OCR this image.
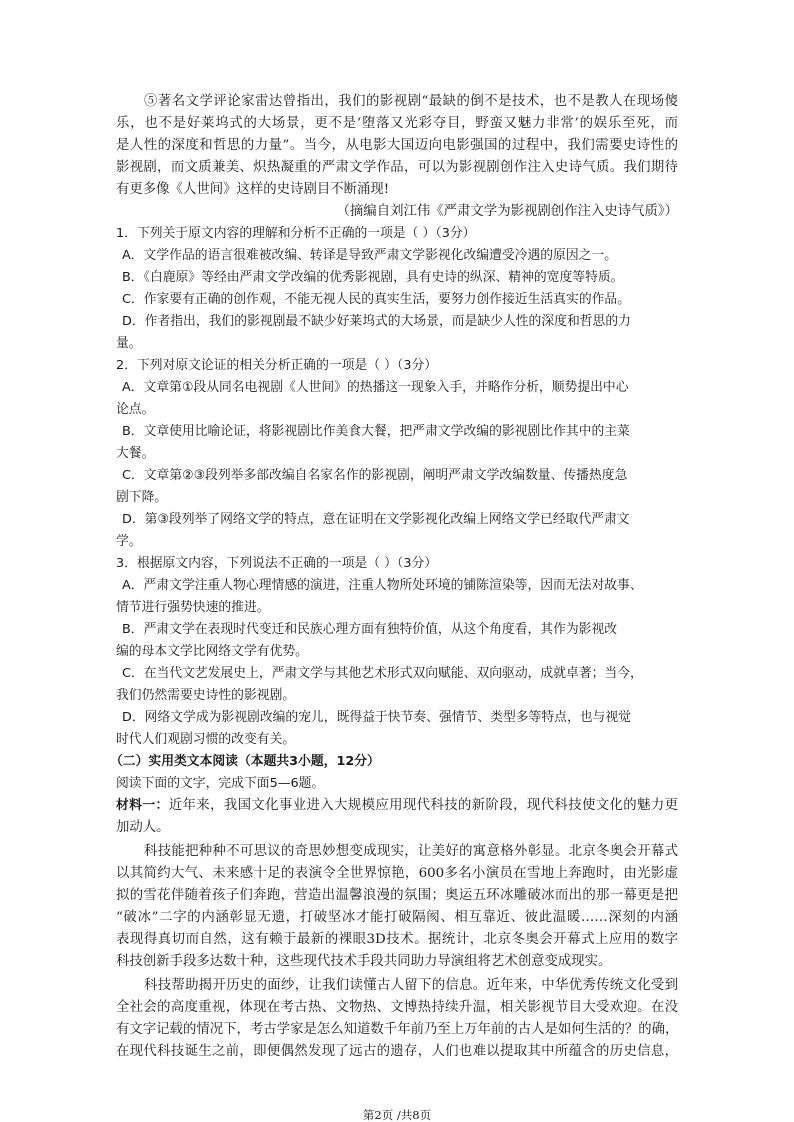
⑤著名文学评论家雷达曾指出，我们的影视剧“最缺的倒不是技术，也不是教人在现场傻
乐，也不是好莱坞式的大场景，更不是‘堕落又光彩夺目，野蛮又魅力非常’的娱乐至死，而
是人性的深度和哲思的力量”。当今，从电影大国迈向电影强国的过程中，我们需要史诗性的
影视剧，而文质兼美、炽热凝重的严肃文学作品，可以为影视剧创作注入史诗气质。我们期待
有更多像《人世间》这样的史诗剧目不断涌现!
（摘编自刘江伟《严肃文学为影视剧创作注入史诗气质》）
1．下列关于原文内容的理解和分析不正确的一项是（ ）（3分）
A．文学作品的语言很难被改编、转译是导致严肃文学影视化改编遭受冷遇的原因之一。
B．《白鹿原》等经由严肃文学改编的优秀影视剧，具有史诗的纵深、精神的宽度等特质。
C．作家要有正确的创作观，不能无视人民的真实生活，要努力创作接近生活真实的作品。
D．作者指出，我们的影视剧最不缺少好莱坞式的大场景，而是缺少人性的深度和哲思的力
量。
2．下列对原文论证的相关分析正确的一项是（ ）（3分）
A．文章第①段从同名电视剧《人世间》的热播这一现象入手，并略作分析，顺势提出中心
论点。
B．文章使用比喻论证，将影视剧比作美食大餐，把严肃文学改编的影视剧比作其中的主菜
大餐。
C．文章第②③段列举多部改编自名家名作的影视剧，阐明严肃文学改编数量、传播热度急
剧下降。
D．第③段列举了网络文学的特点，意在证明在文学影视化改编上网络文学已经取代严肃文
学。
3．根据原文内容，下列说法不正确的一项是（ ）（3分）
A．严肃文学注重人物心理情感的演进，注重人物所处环境的铺陈渲染等，因而无法对故事、
情节进行强势快速的推进。
B．严肃文学在表现时代变迁和民族心理方面有独特价值，从这个角度看，其作为影视改
编的母本文学比网络文学有优势。
C．在当代文艺发展史上，严肃文学与其他艺术形式双向赋能、双向驱动，成就卓著；当今，
我们仍然需要史诗性的影视剧。
D．网络文学成为影视剧改编的宠儿，既得益于快节奏、强情节、类型多等特点，也与视觉
时代人们观剧习惯的改变有关。
（二）实用类文本阅读（本题共3小题，12分）
阅读下面的文字，完成下面5—6题。
材料一：近年来，我国文化事业进入大规模应用现代科技的新阶段，现代科技使文化的魅力更
加动人。
科技能把种种不可思议的奇思妙想变成现实，让美好的寓意格外彰显。北京冬奥会开幕式
以其简约大气、未来感十足的表演令全世界惊艳，600多名小演员在雪地上奔跑时，由光影虚
拟的雪花伴随着孩子们奔跑，营造出温馨浪漫的氛围；奥运五环冰雕破冰而出的那一幕更是把
“破冰”二字的内涵彰显无遗，打破坚冰才能打破隔阂、相互靠近、彼此温暖……深刻的内涵
表现得真切而自然，这有赖于最新的裸眼3D技术。据统计，北京冬奥会开幕式上应用的数字
科技创新手段多达数十种，这些现代技术手段共同助力导演组将艺术创意变成现实。
科技帮助揭开历史的面纱，让我们读懂古人留下的信息。近年来，中华优秀传统文化受到
全社会的高度重视，体现在考古热、文物热、文博热持续升温，相关影视节目大受欢迎。在没
有文字记载的情况下，考古学家是怎么知道数千年前乃至上万年前的古人是如何生活的？的确，
在现代科技诞生之前，即便偶然发现了远古的遗存，人们也难以提取其中所蕴含的历史信息，
第2页 /共8页
